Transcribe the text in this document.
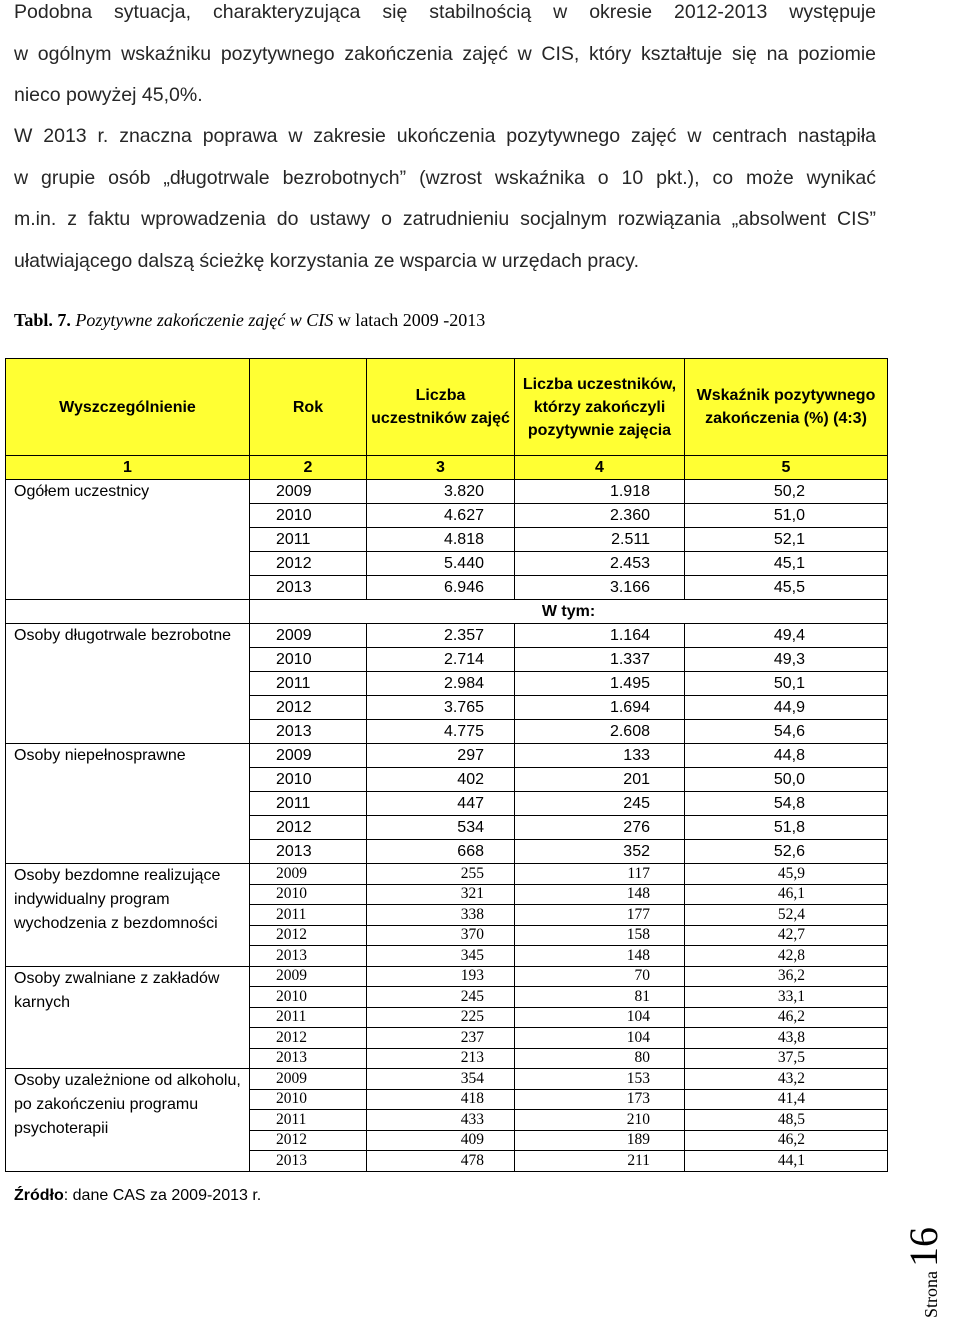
Podobna sytuacja, charakteryzująca się stabilnością w okresie 2012-2013 występuje
w ogólnym wskaźniku pozytywnego zakończenia zajęć w CIS, który kształtuje się na poziomie
nieco powyżej 45,0%.
W 2013 r. znaczna poprawa w zakresie ukończenia pozytywnego zajęć w centrach nastąpiła
w grupie osób „długotrwale bezrobotnych” (wzrost wskaźnika o 10 pkt.), co może wynikać
m.in. z faktu wprowadzenia do ustawy o zatrudnieniu socjalnym rozwiązania „absolwent CIS”
ułatwiającego dalszą ścieżkę korzystania ze wsparcia w urzędach pracy.
Tabl. 7. Pozytywne zakończenie zajęć w CIS w latach 2009 -2013
Wyszczególnienie	Rok	Liczba uczestników zajęć	Liczba uczestników, którzy zakończyli pozytywnie zajęcia	Wskaźnik pozytywnego zakończenia (%) (4:3)
1	2	3	4	5
Ogółem uczestnicy	2009	3.820	1.918	50,2
	2010	4.627	2.360	51,0
	2011	4.818	2.511	52,1
	2012	5.440	2.453	45,1
	2013	6.946	3.166	45,5
	W tym:			
Osoby długotrwale bezrobotne	2009	2.357	1.164	49,4
	2010	2.714	1.337	49,3
	2011	2.984	1.495	50,1
	2012	3.765	1.694	44,9
	2013	4.775	2.608	54,6
Osoby niepełnosprawne	2009	297	133	44,8
	2010	402	201	50,0
	2011	447	245	54,8
	2012	534	276	51,8
	2013	668	352	52,6
Osoby bezdomne realizujące indywidualny program wychodzenia z bezdomności	2009	255	117	45,9
	2010	321	148	46,1
	2011	338	177	52,4
	2012	370	158	42,7
	2013	345	148	42,8
Osoby zwalniane z zakładów karnych	2009	193	70	36,2
	2010	245	81	33,1
	2011	225	104	46,2
	2012	237	104	43,8
	2013	213	80	37,5
Osoby uzależnione od alkoholu, po zakończeniu programu psychoterapii	2009	354	153	43,2
	2010	418	173	41,4
	2011	433	210	48,5
	2012	409	189	46,2
	2013	478	211	44,1
Źródło: dane CAS za 2009-2013 r.
Strona16
